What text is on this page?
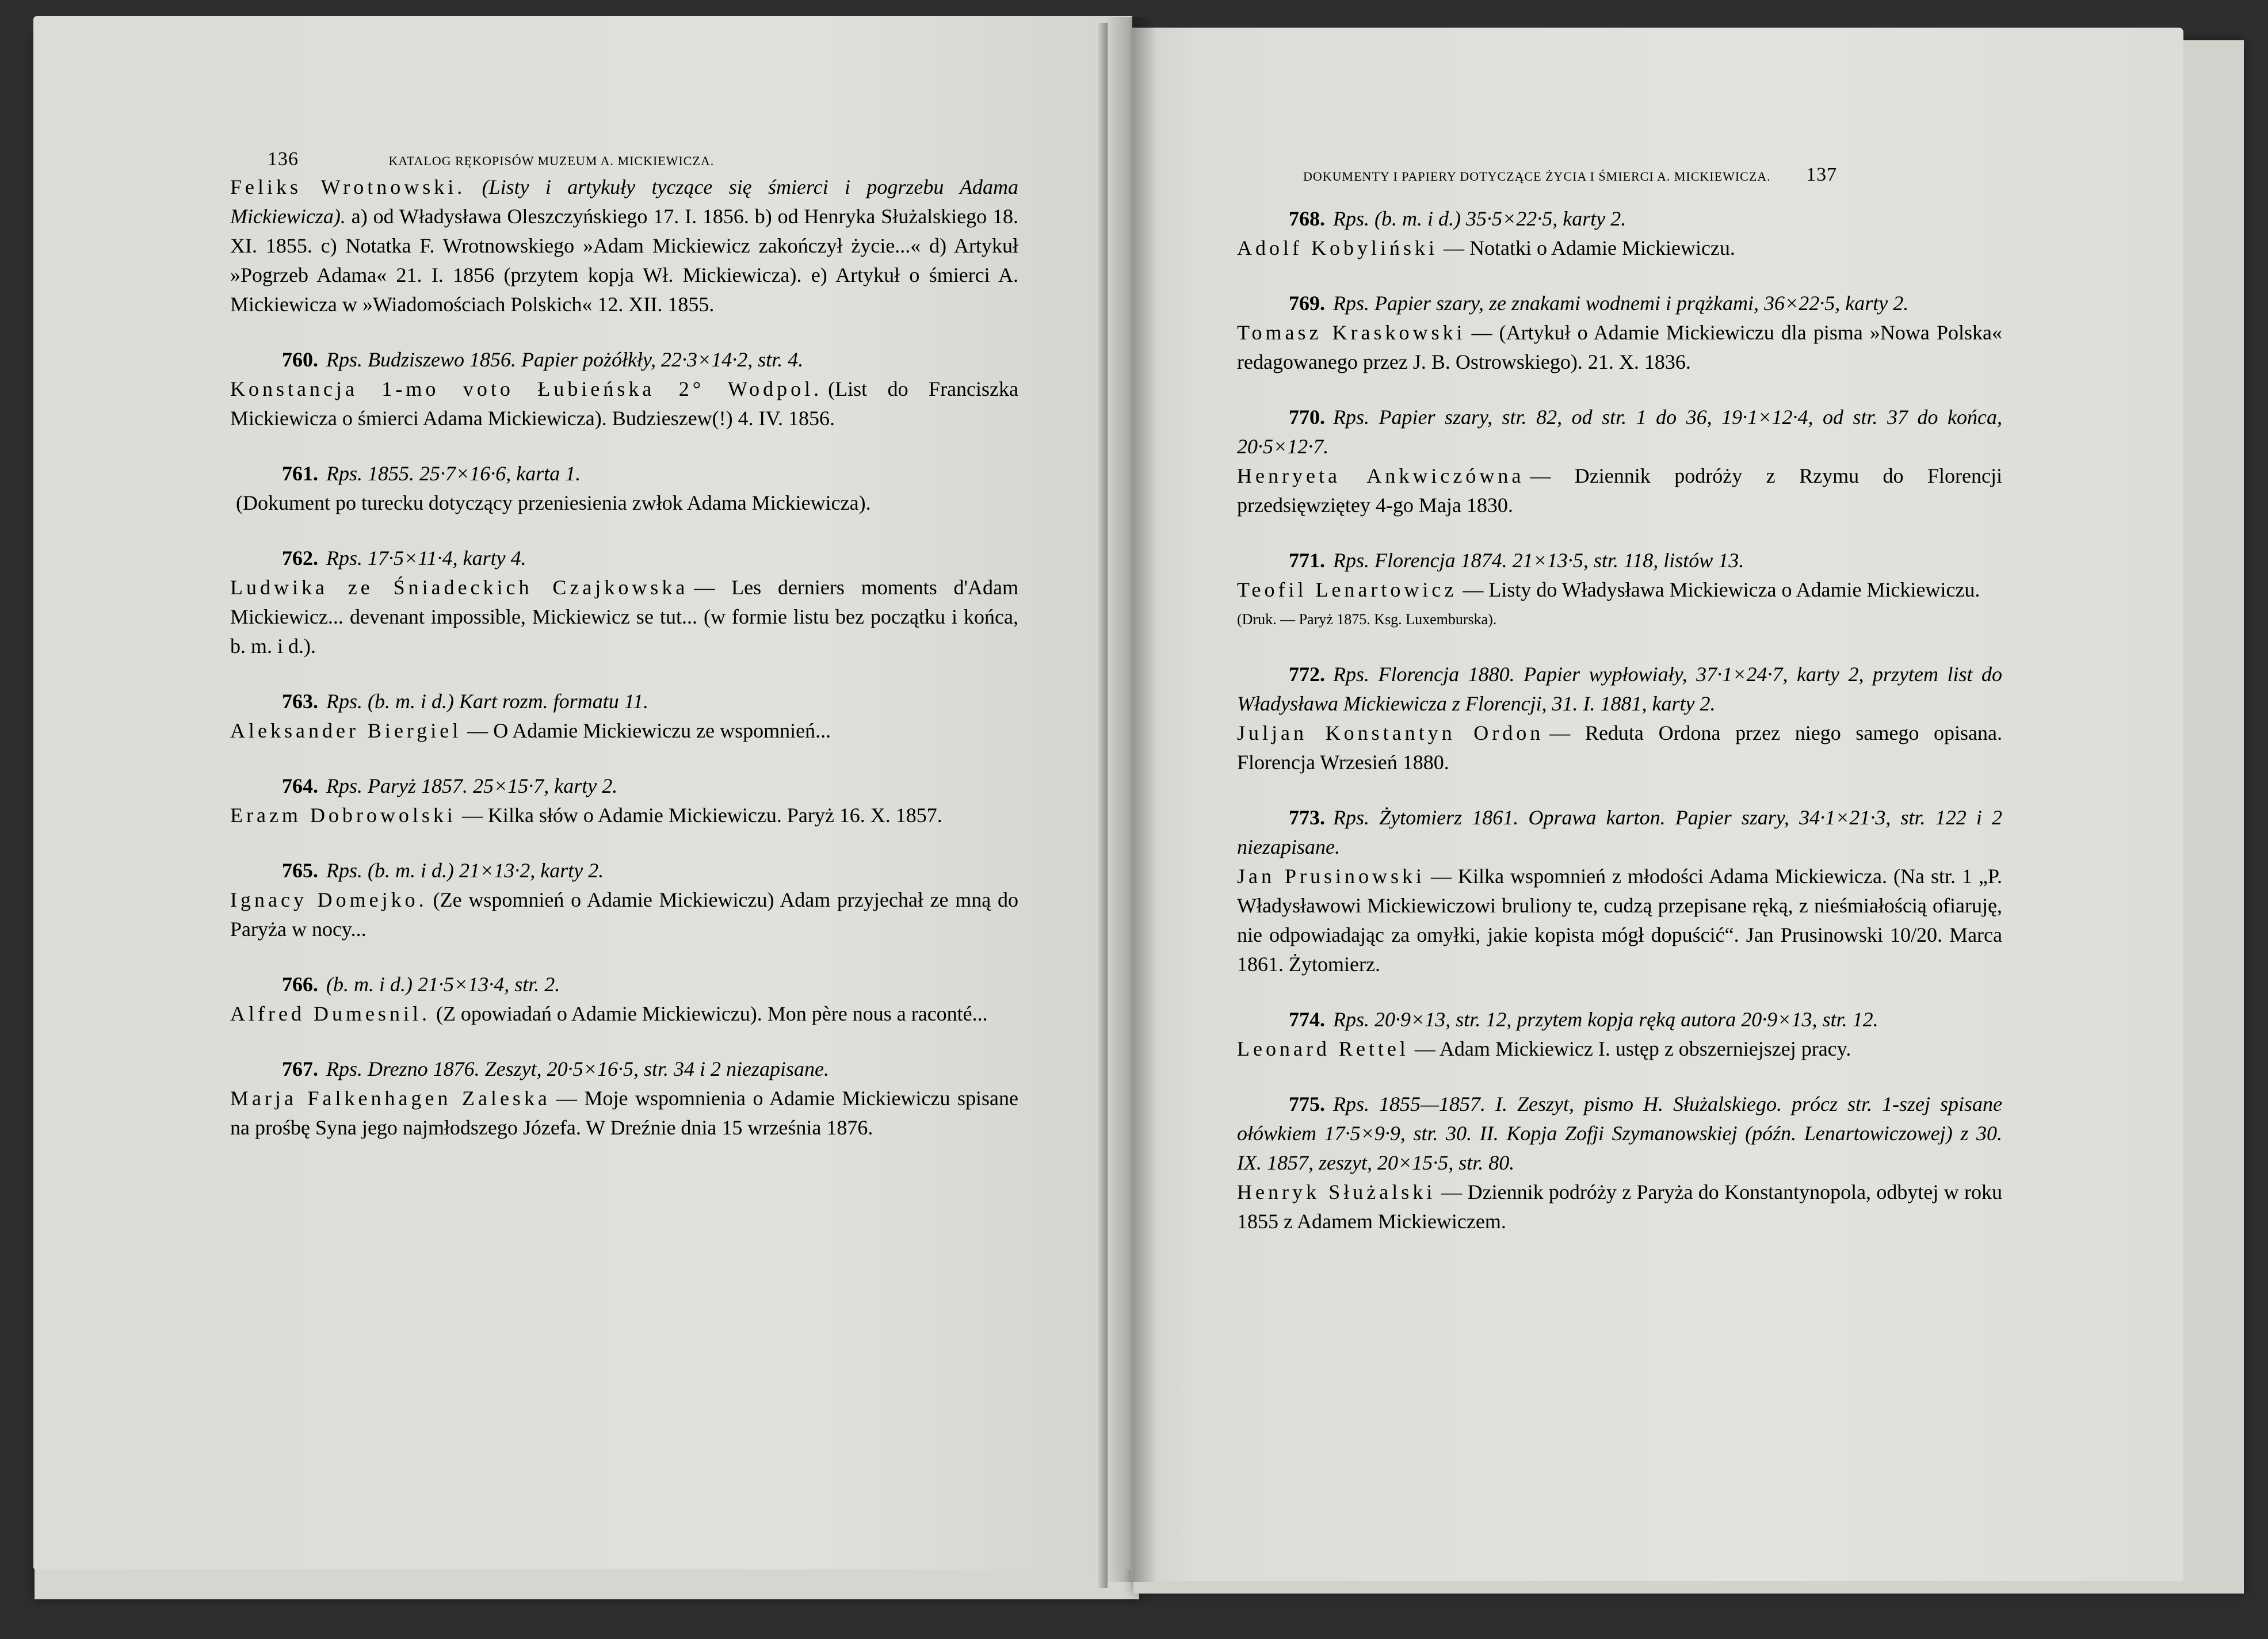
136	KATALOG RĘKOPISÓW MUZEUM A. MICKIEWICZA.
DOKUMENTY I PAPIERY DOTYCZĄCE ŻYCIA I ŚMIERCI A. MICKIEWICZA. 137

Feliks Wrotnowski. (Listy i artykuły tyczące się śmierci i pogrzebu Adama Mickiewicza). a) od Władysława Oleszczyńskiego 17. I. 1856. b) od Henryka Służalskiego 18. XI. 1855. c) Notatka F. Wrotnowskiego »Adam Mickiewicz zakończył życie...« d) Artykuł »Pogrzeb Adama« 21. I. 1856 (przytem kopja Wł. Mickiewicza). e) Artykuł o śmierci A. Mickiewicza w »Wiadomościach Polskich« 12. XII. 1855.

760. Rps. Budziszewo 1856. Papier pożółkły, 22·3×14·2, str. 4.

Konstancja 1-mo voto Łubieńska 2° Wodpol. (List do Franciszka Mickiewicza o śmierci Adama Mickiewicza). Budzieszew(!) 4. IV. 1856.

761. Rps. 1855. 25·7×16·6, karta 1.

(Dokument po turecku dotyczący przeniesienia zwłok Adama Mickiewicza).

762. Rps. 17·5×11·4, karty 4.

Ludwika ze Śniadeckich Czajkowska — Les derniers moments d'Adam Mickiewicz... devenant impossible, Mickiewicz se tut... (w formie listu bez początku i końca, b. m. i d.).

763. Rps. (b. m. i d.) Kart rozm. formatu 11.

Aleksander Biergiel — O Adamie Mickiewiczu ze wspomnień...

764. Rps. Paryż 1857. 25×15·7, karty 2.

Erazm Dobrowolski — Kilka słów o Adamie Mickiewiczu. Paryż 16. X. 1857.

765. Rps. (b. m. i d.) 21×13·2, karty 2.

Ignacy Domejko. (Ze wspomnień o Adamie Mickiewiczu) Adam przyjechał ze mną do Paryża w nocy...

766. (b. m. i d.) 21·5×13·4, str. 2.

Alfred Dumesnil. (Z opowiadań o Adamie Mickiewiczu). Mon père nous a raconté...

767. Rps. Drezno 1876. Zeszyt, 20·5×16·5, str. 34 i 2 niezapisane.

Marja Falkenhagen Zaleska — Moje wspomnienia o Adamie Mickiewiczu spisane na prośbę Syna jego najmłodszego Józefa. W Dreźnie dnia 15 września 1876.

768. Rps. (b. m. i d.) 35·5×22·5, karty 2.

Adolf Kobyliński — Notatki o Adamie Mickiewiczu.

769. Rps. Papier szary, ze znakami wodnemi i prążkami, 36×22·5, karty 2.

Tomasz Kraskowski — (Artykuł o Adamie Mickiewiczu dla pisma »Nowa Polska« redagowanego przez J. B. Ostrowskiego). 21. X. 1836.

770. Rps. Papier szary, str. 82, od str. 1 do 36, 19·1×12·4, od str. 37 do końca, 20·5×12·7.

Henryeta Ankwiczówna — Dziennik podróży z Rzymu do Florencji przedsięwziętey 4-go Maja 1830.

771. Rps. Florencja 1874. 21×13·5, str. 118, listów 13.

Teofil Lenartowicz — Listy do Władysława Mickiewicza o Adamie Mickiewiczu.

(Druk. — Paryż 1875. Ksg. Luxemburska).

772. Rps. Florencja 1880. Papier wypłowiały, 37·1×24·7, karty 2, przytem list do Władysława Mickiewicza z Florencji, 31. I. 1881, karty 2.

Juljan Konstantyn Ordon — Reduta Ordona przez niego samego opisana. Florencja Wrzesień 1880.

773. Rps. Żytomierz 1861. Oprawa karton. Papier szary, 34·1×21·3, str. 122 i 2 niezapisane.

Jan Prusinowski — Kilka wspomnień z młodości Adama Mickiewicza. (Na str. 1 „P. Władysławowi Mickiewiczowi bruliony te, cudzą przepisane ręką, z nieśmiałością ofiaruję, nie odpowiadając za omyłki, jakie kopista mógł dopuścić“. Jan Prusinowski 10/20. Marca 1861. Żytomierz.

774. Rps. 20·9×13, str. 12, przytem kopja ręką autora 20·9×13, str. 12.

Leonard Rettel — Adam Mickiewicz I. ustęp z obszerniejszej pracy.

775. Rps. 1855—1857. I. Zeszyt, pismo H. Służalskiego. prócz str. 1-szej spisane ołówkiem 17·5×9·9, str. 30. II. Kopja Zofji Szymanowskiej (późn. Lenartowiczowej) z 30. IX. 1857, zeszyt, 20×15·5, str. 80.

Henryk Służalski — Dziennik podróży z Paryża do Konstantynopola, odbytej w roku 1855 z Adamem Mickiewiczem.
